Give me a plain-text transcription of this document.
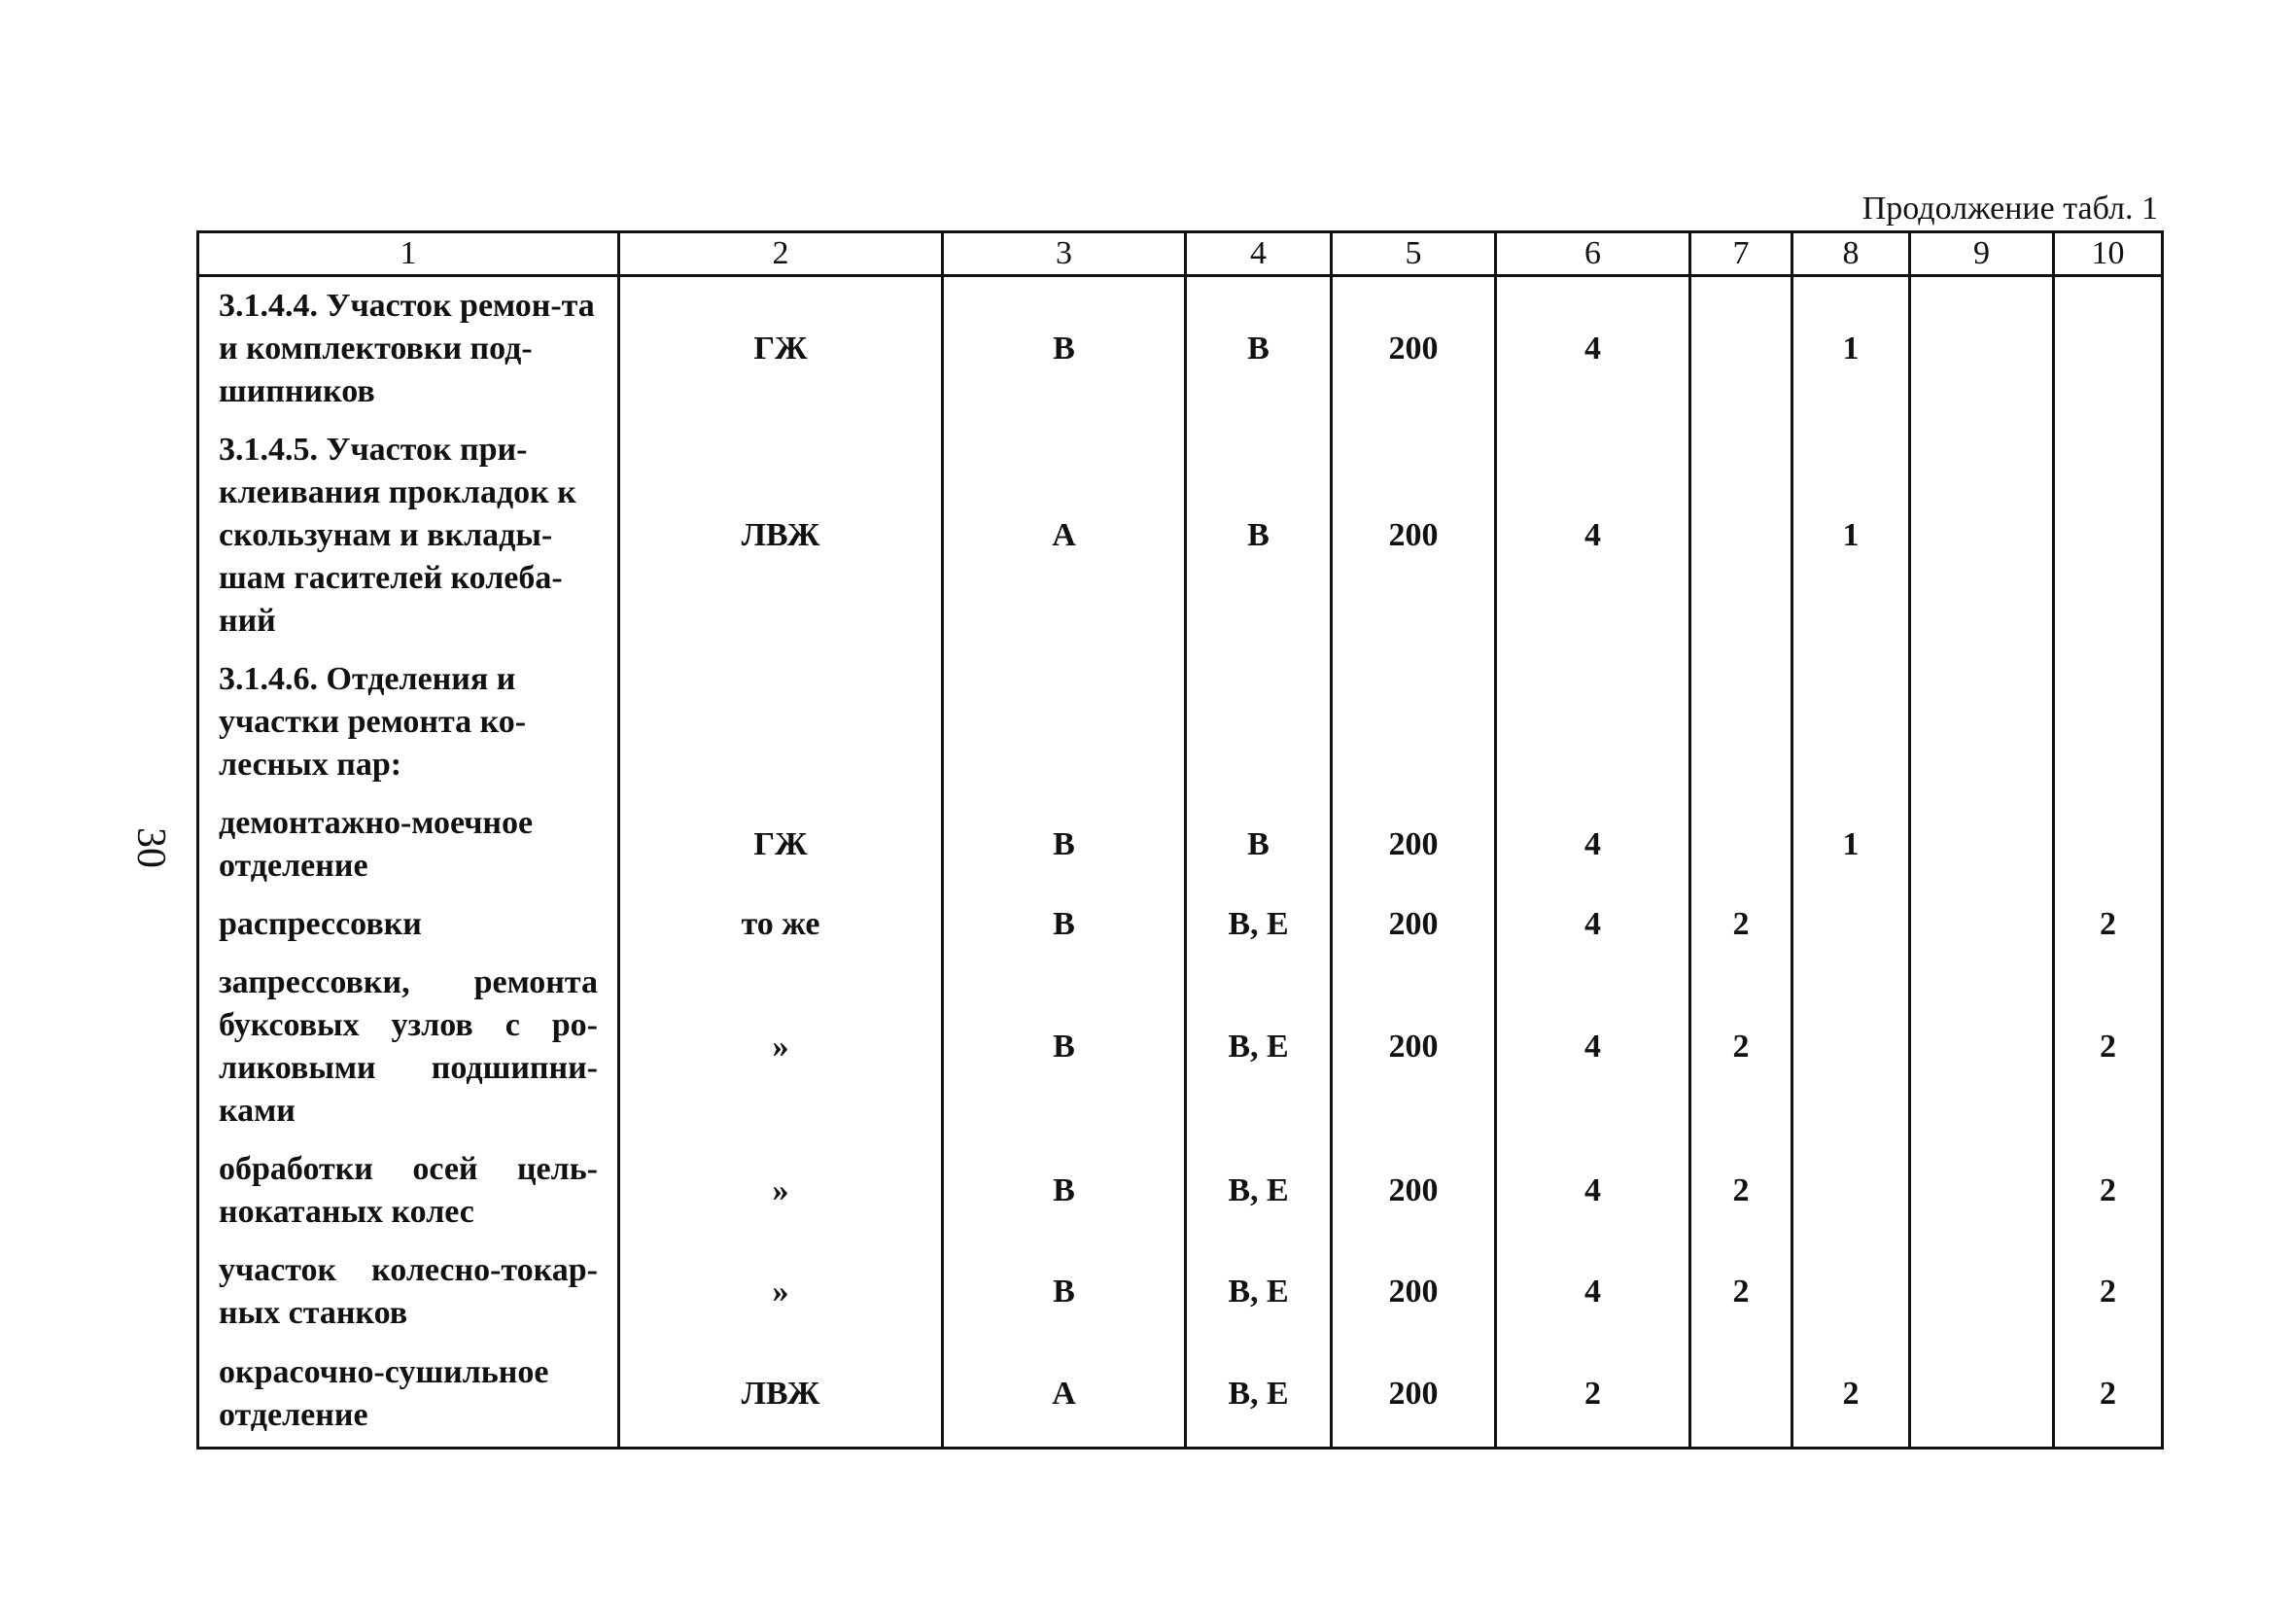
Продолжение табл. 1
30
1	2	3	4	5	6	7	8	9	10
3.1.4.4. Участок ремон-та и комплектовки под-шипников	ГЖ	В	В	200	4		1		
3.1.4.5. Участок при-клеивания прокладок к скользунам и вклады-шам гасителей колеба-ний	ЛВЖ	А	В	200	4		1		
3.1.4.6. Отделения и участки ремонта ко-лесных пар:									
демонтажно-моечное отделение	ГЖ	В	В	200	4		1		
распрессовки	то же	В	В, Е	200	4	2			2
запрессовки, ремонта буксовых узлов с ро-ликовыми подшипни-ками	»	В	В, Е	200	4	2			2
обработки осей цель-нокатаных колес	»	В	В, Е	200	4	2			2
участок колесно-токар-ных станков	»	В	В, Е	200	4	2			2
окрасочно-сушильное отделение	ЛВЖ	А	В, Е	200	2		2		2
